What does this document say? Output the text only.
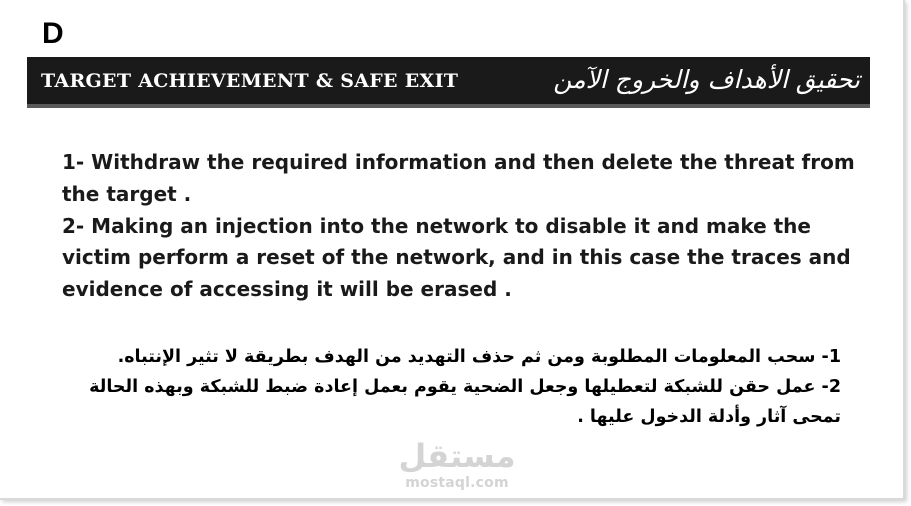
D
TARGET ACHIEVEMENT & SAFE EXIT	تحقيق الأهداف والخروج الآمن
1- Withdraw the required information and then delete the threat from the target .
2- Making an injection into the network to disable it and make the victim perform a reset of the network, and in this case the traces and evidence of accessing it will be erased .
1- سحب المعلومات المطلوبة ومن ثم حذف التهديد من الهدف بطريقة لا تثير الإنتباه.
2- عمل حقن للشبكة لتعطيلها وجعل الضحية يقوم بعمل إعادة ضبط للشبكة وبهذه الحالة تمحى آثار وأدلة الدخول عليها .
مستقل
mostaql.com
